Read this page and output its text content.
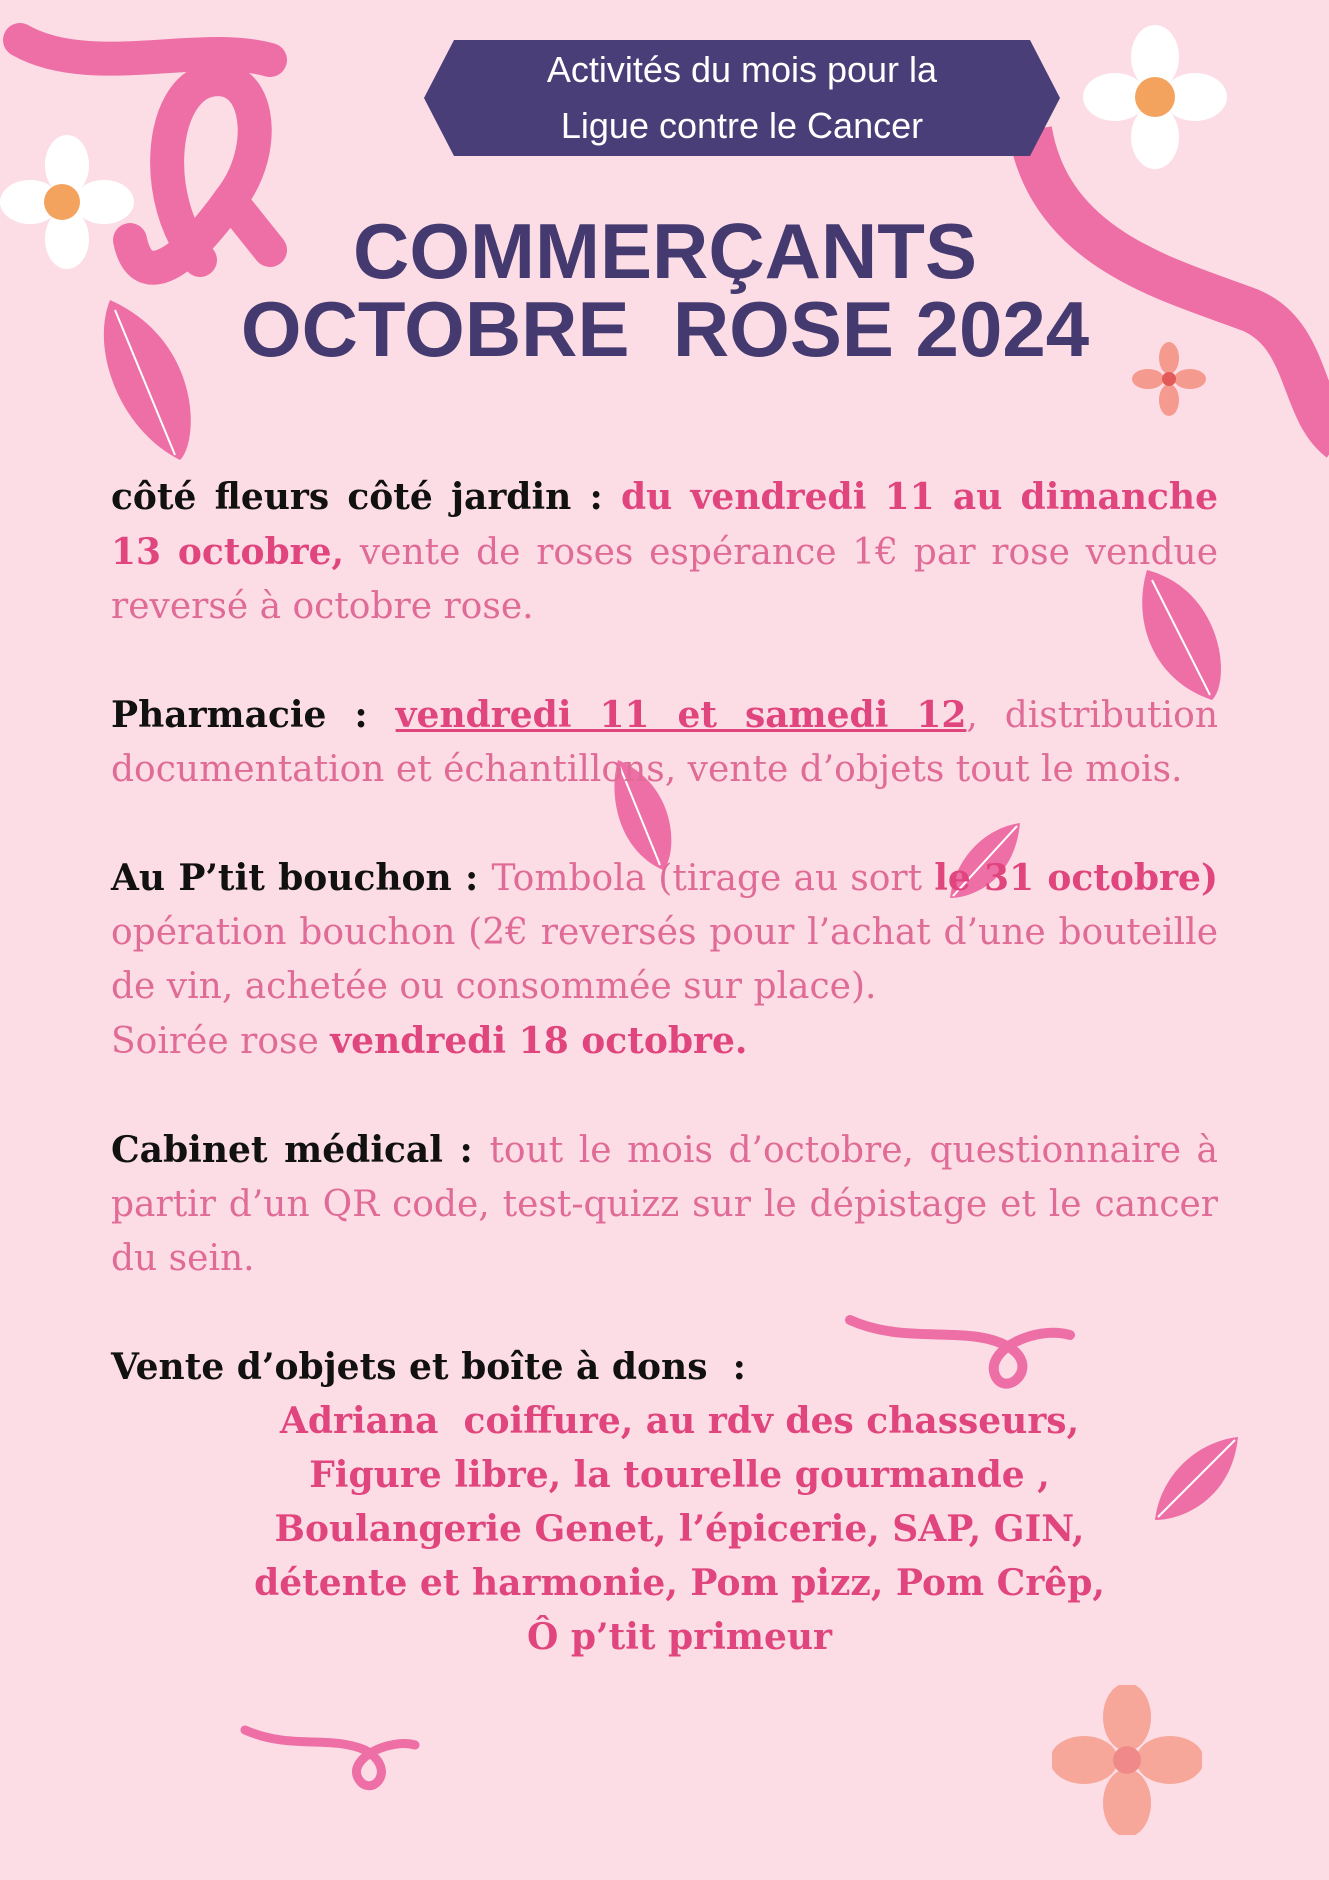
Activités du mois pour la
Ligue contre le Cancer
COMMERÇANTS
OCTOBRE  ROSE 2024

côté fleurs côté jardin : du vendredi 11 au dimanche 13 octobre, vente de roses espérance 1€ par rose vendue reversé à octobre rose.

Pharmacie : vendredi 11 et samedi 12, distribution documentation et échantillons, vente d’objets tout le mois.

Au P’tit bouchon : Tombola (tirage au sort le 31 octobre) opération bouchon (2€ reversés pour l’achat d’une bouteille de vin, achetée ou consommée sur place).
Soirée rose vendredi 18 octobre.

Cabinet médical : tout le mois d’octobre, questionnaire à partir d’un QR code, test-quizz sur le dépistage et le cancer du sein.

Vente d’objets et boîte à dons  :
Adriana  coiffure, au rdv des chasseurs,
Figure libre, la tourelle gourmande ,
Boulangerie Genet, l’épicerie, SAP, GIN,
détente et harmonie, Pom pizz, Pom Crêp,
Ô p’tit primeur
